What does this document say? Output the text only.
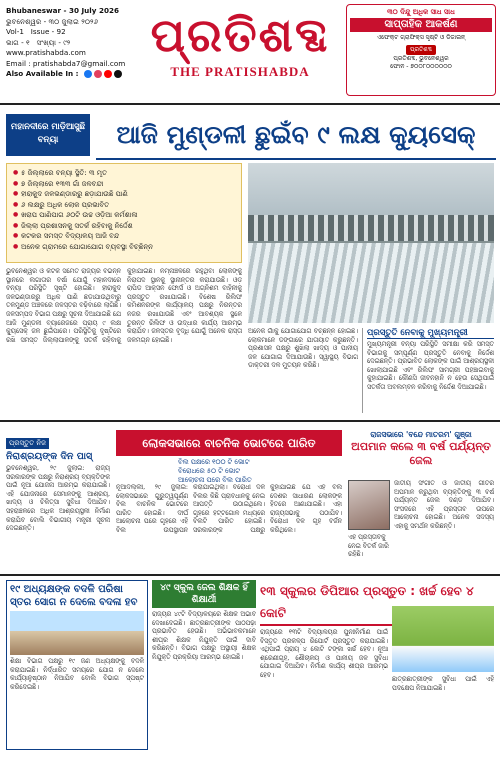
Bhubaneswar - 30 July 2026
ଭୁବନେଶ୍ୱର - ୩୦ ଜୁଲାଇ ୨୦୨୬
Vol-1 Issue - 92
ଭାଗ - ୧ ସଂଖ୍ୟା - ୯୨
www.pratishabda.com
Email : pratishabda7@gmail.com
Also Available In :
ପ୍ରତିଶବ୍ଦ
THE PRATISHABDA
୩୦ ଦିନ୍ଦୁ ଅଧିକ ସାଧ ସାଧ
ସାପ୍ତାହିକ ଆକର୍ଷଣ
ଏଫେକ୍ଟ ଗ୍ରାଫିକ୍ସ ସୃଷ୍ଟି ଓ ଡିଜାଇନ୍
ପ୍ରତିଶବ୍ଦ
ପ୍ରତିଶବ୍ଦ, ଭୁବନେଶ୍ୱର
ଫୋନ - ୭୦୦୮୦୦୦୦୦୦
ମହାନଦୀରେ ମାଡ଼ିଆସୁଛି ବନ୍ୟା	ଆଜି ମୁଣ୍ଡଳୀ ଛୁଇଁବ ୯ ଲକ୍ଷ କ୍ୟୁସେକ୍
● ୫ ଜିଲ୍ଲାରେ ବନ୍ୟା ସ୍ଥିତି: ୩ ମୃତ
● ୭ ଜିଲ୍ଲାରେ ୧୩୩ ଗାଁ ଜଳବନ୍ଦୀ
● ହୀରାକୁଦ ଜଳଭଣ୍ଡାରରୁ ଛଡ଼ାଯାଉଛି ପାଣି
● ୬ ଲକ୍ଷରୁ ଅଧିକ ଲୋକ ପ୍ରଭାବିତ
● ଖରାପ ପାଣିପାଗ ୬୦ଟି ଉଚ୍ଚ ଓଡ଼ିଆ କର୍ମଶାଳା
● ଜିଲ୍ଲା ପ୍ରଶାସନକୁ ସତର୍କ ରହିବାକୁ ନିର୍ଦ୍ଦେଶ
● କଟକର ସମସ୍ତ ବିଦ୍ୟାଳୟ ଆଜି ବନ୍ଦ
● ଅନେକ ଗ୍ରାମରେ ଯୋଗାଯୋଗ ବ୍ୟବସ୍ଥା ବିଚ୍ଛିନ୍ନ
ଭୁବନେଶ୍ୱର ଓ କଟକ ସମେତ ରାଜ୍ୟର ବିଭିନ୍ନ ସ୍ଥାନରେ ଲଗାତାର ବର୍ଷା ଯୋଗୁଁ ମହାନଦୀରେ ବନ୍ୟା ପରିସ୍ଥିତି ସୃଷ୍ଟି ହୋଇଛି। ହୀରାକୁଦ ଜଳଭଣ୍ଡାରରୁ ଅଧିକ ପାଣି ଛଡ଼ାଯାଉଥିବାରୁ ତଳମୁଣ୍ଡ ଅଞ୍ଚଳରେ ଜଳସ୍ତର ବଢ଼ିବାରେ ଲାଗିଛି। ଜଳସମ୍ପଦ ବିଭାଗ ପକ୍ଷରୁ ସୂଚନା ଦିଆଯାଇଛି ଯେ ଆଜି ମୁଣ୍ଡଳୀ ବ୍ୟାରେଜରେ ପ୍ରାୟ ୯ ଲକ୍ଷ କ୍ୟୁସେକ୍ ଜଳ ଛୁଇଁପାରେ। ପରିସ୍ଥିତିକୁ ଦୃଷ୍ଟିରେ ରଖି ସମସ୍ତ ଜିଲ୍ଲାପାଳଙ୍କୁ ସତର୍କ ରହିବାକୁ କୁହାଯାଇଛି। ନିମ୍ନାଞ୍ଚଳରେ ରହୁଥିବା ଲୋକଙ୍କୁ ନିରାପଦ ସ୍ଥାନକୁ ସ୍ଥାନାନ୍ତର କରାଯାଉଛି। ଓଡ଼ ରାପିଡ ଆକ୍ସନ ଫୋର୍ସ ଓ ଅଗ୍ନିଶମ ବାହିନୀକୁ ପ୍ରସ୍ତୁତ ରଖାଯାଇଛି। ବିଶେଷ ରିଲିଫ କମିଶନରଙ୍କ କାର୍ଯ୍ୟାଳୟ ପକ୍ଷରୁ ନିରନ୍ତର ନଜର ରଖାଯାଉଛି ଏବଂ ଆବଶ୍ୟକ ସ୍ଥଳେ ତୁରନ୍ତ ରିଲିଫ ଓ ଉଦ୍ଧାର କାର୍ଯ୍ୟ ଆରମ୍ଭ କରାଯିବ। ଜଳସ୍ତର ବୃଦ୍ଧି ଯୋଗୁଁ ଅନେକ ରାସ୍ତା ଜଳମଗ୍ନ ହୋଇଛି।
ଅନେକ ଗାଁକୁ ଯୋଗାଯୋଗ ବିଚ୍ଛିନ୍ନ ହୋଇଛି। ଲୋକମାନେ ଡଙ୍ଗାରେ ଯାତାୟାତ କରୁଛନ୍ତି। ପ୍ରଶାସନ ପକ୍ଷରୁ ଶୁଖିଲା ଖାଦ୍ୟ ଓ ପାନୀୟ ଜଳ ଯୋଗାଇ ଦିଆଯାଉଛି। ସ୍ୱାସ୍ଥ୍ୟ ବିଭାଗ ଡାକ୍ତରୀ ଦଳ ମୁତୟନ କରିଛି।
ପ୍ରସ୍ତୁତି ନେବାକୁ ମୁଖ୍ୟମନ୍ତ୍ରୀ
ମୁଖ୍ୟମନ୍ତ୍ରୀ ବନ୍ୟା ପରିସ୍ଥିତି ସମୀକ୍ଷା କରି ସମସ୍ତ ବିଭାଗକୁ ସମ୍ପୂର୍ଣ୍ଣ ପ୍ରସ୍ତୁତି ନେବାକୁ ନିର୍ଦ୍ଦେଶ ଦେଇଛନ୍ତି। ପ୍ରଭାବିତ ଲୋକଙ୍କ ପାଇଁ ଆଶ୍ରୟସ୍ଥଳୀ ଖୋଲାଯାଇଛି ଏବଂ ରିଲିଫ ସାମଗ୍ରୀ ପହଞ୍ଚାଇବାକୁ କୁହାଯାଇଛି। କୌଣସି ଜୀବନହାନି ନ ହେଉ ସେଥିପାଇଁ ସତର୍କତା ଅବଲମ୍ବନ କରିବାକୁ ନିର୍ଦ୍ଦେଶ ଦିଆଯାଇଛି।
ପ୍ରସ୍ତୁତ ନିଜ
ନିରାଶ୍ରୟଙ୍କ ଦିନ ପାସ୍
ଭୁବନେଶ୍ୱର, ୨୯ ଜୁଲାଇ: ରାଜ୍ୟ ସରକାରଙ୍କ ପକ୍ଷରୁ ନିରାଶ୍ରୟ ବ୍ୟକ୍ତିଙ୍କ ପାଇଁ ନୂଆ ଯୋଜନା ଆରମ୍ଭ କରାଯାଇଛି। ଏହି ଯୋଜନାରେ ସେମାନଙ୍କୁ ଆଶ୍ରୟ, ଖାଦ୍ୟ ଓ ଚିକିତ୍ସା ସୁବିଧା ଦିଆଯିବ। ସହରାଞ୍ଚଳରେ ଅଧିକ ଆଶ୍ରୟସ୍ଥଳୀ ନିର୍ମାଣ କରାଯିବ ବୋଲି ବିଭାଗୀୟ ମନ୍ତ୍ରୀ ସୂଚନା ଦେଇଛନ୍ତି।
ଲୋକସଭାରେ ବାଚନିକ ଭୋଟରେ ପାରିତ
ବିଲ ପକ୍ଷରେ ୧୦୦ ଟି ଭୋଟ
ବିରୋଧରେ ୫୦ ଟି ଭୋଟ
ଆଲୋଚନା ପରେ ବିଲ ପାରିତ
ନୂଆଦିଲ୍ଲୀ, ୨୯ ଜୁଲାଇ: ଲୋକସଭାରେ ଗୁରୁତ୍ୱପୂର୍ଣ୍ଣ ବିଲ ବାଚନିକ ଭୋଟରେ ପାରିତ ହୋଇଛି। ଦୀର୍ଘ ଆଲୋଚନା ପରେ ଗୃହରେ ଏହି ବିଲ ଉପସ୍ଥାପନ କରାଯାଇଥିଲା। ବିରୋଧୀ ଦଳ ବିଲର କିଛି ପ୍ରାବଧାନକୁ ନେଇ ଆପତ୍ତି ଉଠାଇଥିଲେ। ଗୃହରେ ହଟ୍ଟଗୋଳ ମଧ୍ୟରେ ବିଲଟି ପାରିତ ହୋଇଛି। ସରକାରଙ୍କ ପକ୍ଷରୁ କୁହାଯାଇଛି ଯେ ଏହି ବିଲ ଦେଶର ସାଧାରଣ ଲୋକଙ୍କ ହିତରେ ଆଣାଯାଇଛି। ଏହା ରାଜ୍ୟସଭାକୁ ପଠାଯିବ। ବିରୋଧୀ ଦଳ ଗୃହ ବର୍ଜନ କରିଥିଲେ।
ରାଜସଭାରେ 'ବନ୍ଦେ ମାତରମ' ଗୁଞ୍ଜା
ଅପମାନ କଲେ ୩ ବର୍ଷ ପର୍ଯ୍ୟନ୍ତ ଜେଲ
ଜାତୀୟ ସଂଗୀତ ଓ ଜାତୀୟ ଗୀତର ଅପମାନ କରୁଥିବା ବ୍ୟକ୍ତିଙ୍କୁ ୩ ବର୍ଷ ପର୍ଯ୍ୟନ୍ତ ଜେଲ ଦଣ୍ଡ ଦିଆଯିବ। ସଂସଦରେ ଏହି ପ୍ରସ୍ତାବ ଉପରେ ଆଲୋଚନା ହୋଇଛି। ଅନେକ ସଦସ୍ୟ ଏହାକୁ ସମର୍ଥନ କରିଛନ୍ତି।
ଏହି ପ୍ରସ୍ତାବକୁ ନେଇ ବିତର୍କ ଜାରି ରହିଛି।
୧୯ ଅଧ୍ୟକ୍ଷଙ୍କ ବଦଳି ପରିଷା ସ୍ତର ସୋଗ ନ ଦେଲେ ବଦଳା ହବ
ଶିକ୍ଷା ବିଭାଗ ପକ୍ଷରୁ ୧୯ ଜଣ ଅଧ୍ୟକ୍ଷଙ୍କୁ ବଦଳି କରାଯାଇଛି। ନିର୍ଦ୍ଧାରିତ ସମୟରେ ଯୋଗ ନ ଦେଲେ କାର୍ଯ୍ୟାନୁଷ୍ଠାନ ନିଆଯିବ ବୋଲି ବିଭାଗ ସ୍ପଷ୍ଟ କରିଦେଇଛି।
୪୯ ସ୍କୁଲ ଜେଲ ଶିକ୍ଷକ ହିଁ ଶିକ୍ଷାର୍ଥୀ
ରାଜ୍ୟର ୪୯ଟି ବିଦ୍ୟାଳୟରେ ଶିକ୍ଷକ ଅଭାବ ଦେଖାଦେଇଛି। ଛାତ୍ରଛାତ୍ରୀଙ୍କ ପାଠପଢ଼ା ପ୍ରଭାବିତ ହେଉଛି। ଅଭିଭାବକମାନେ ଶୀଘ୍ର ଶିକ୍ଷକ ନିଯୁକ୍ତି ପାଇଁ ଦାବି କରିଛନ୍ତି। ବିଭାଗ ପକ୍ଷରୁ ଅସ୍ଥାୟୀ ଶିକ୍ଷକ ନିଯୁକ୍ତି ପ୍ରକ୍ରିୟା ଆରମ୍ଭ ହୋଇଛି।
୧୩ ସ୍କୁଲର ଡିପିଆର ପ୍ରସ୍ତୁତ : ଖର୍ଚ୍ଚ ହେବ ୪ କୋଟି
ରାଜ୍ୟରେ ୧୩ଟି ବିଦ୍ୟାଳୟର ପୁନଃନିର୍ମାଣ ପାଇଁ ବିସ୍ତୃତ ପ୍ରକଳ୍ପ ରିପୋର୍ଟ ପ୍ରସ୍ତୁତ କରାଯାଇଛି। ଏଥିପାଇଁ ପ୍ରାୟ ୪ କୋଟି ଟଙ୍କା ଖର୍ଚ୍ଚ ହେବ। ନୂଆ ଶ୍ରେଣୀଗୃହ, ଶୌଚାଳୟ ଓ ପାନୀୟ ଜଳ ସୁବିଧା ଯୋଗାଇ ଦିଆଯିବ। ନିର୍ମାଣ କାର୍ଯ୍ୟ ଶୀଘ୍ର ଆରମ୍ଭ ହେବ।
ଛାତ୍ରଛାତ୍ରୀଙ୍କ ସୁବିଧା ପାଇଁ ଏହି ପଦକ୍ଷେପ ନିଆଯାଇଛି।
